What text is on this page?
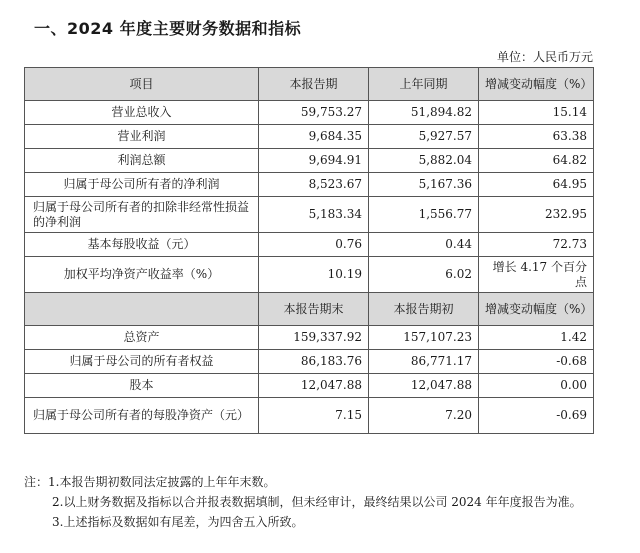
一、2024 年度主要财务数据和指标
单位：人民币万元
项目	本报告期	上年同期	增减变动幅度（%）
营业总收入	59,753.27	51,894.82	15.14
营业利润	9,684.35	5,927.57	63.38
利润总额	9,694.91	5,882.04	64.82
归属于母公司所有者的净利润	8,523.67	5,167.36	64.95
归属于母公司所有者的扣除非经常性损益的净利润	5,183.34	1,556.77	232.95
基本每股收益（元）	0.76	0.44	72.73
加权平均净资产收益率（%）	10.19	6.02	增长 4.17 个百分点
	本报告期末	本报告期初	增减变动幅度（%）
总资产	159,337.92	157,107.23	1.42
归属于母公司的所有者权益	86,183.76	86,771.17	-0.68
股本	12,047.88	12,047.88	0.00
归属于母公司所有者的每股净资产（元）	7.15	7.20	-0.69

注：1.本报告期初数同法定披露的上年年末数。

2.以上财务数据及指标以合并报表数据填制，但未经审计，最终结果以公司 2024 年年度报告为准。

3.上述指标及数据如有尾差，为四舍五入所致。
